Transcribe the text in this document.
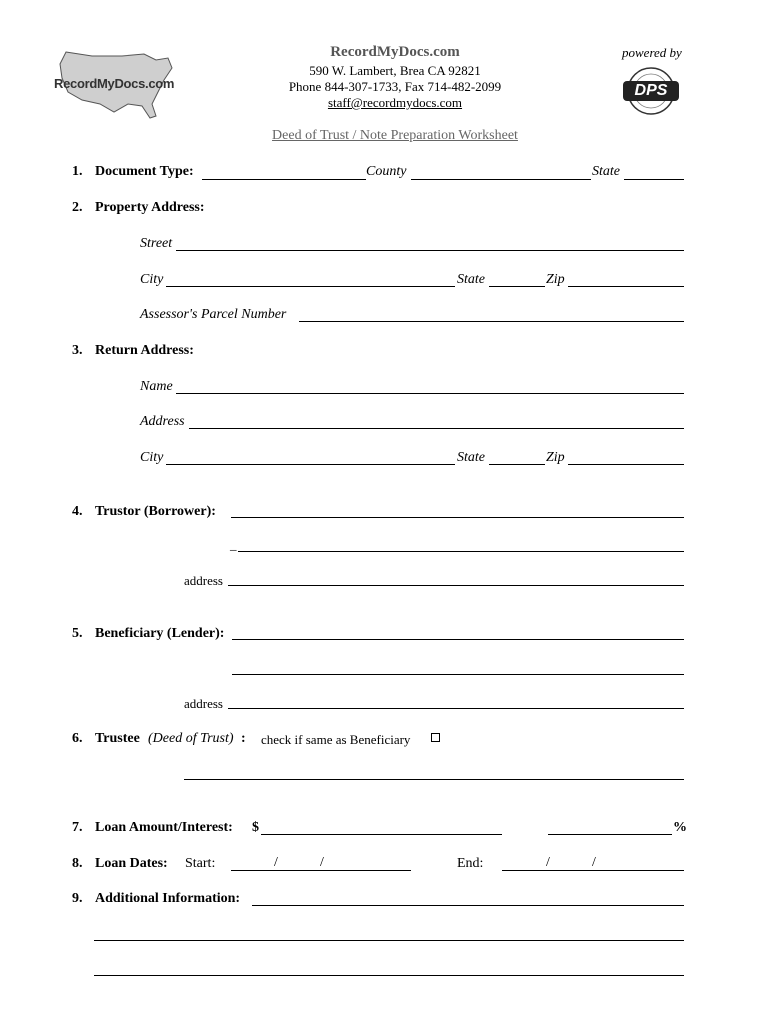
RecordMyDocs.com
RecordMyDocs.com
590 W. Lambert, Brea CA 92821
Phone 844-307-1733, Fax 714-482-2099
staff@recordmydocs.com
powered by
DPS
Deed of Trust / Note Preparation Worksheet
1. Document Type:	County	State
2. Property Address:
Street
City	State	Zip
Assessor's Parcel Number
3. Return Address:
Name
Address
City	State	Zip
4. Trustor (Borrower):
_
address
5. Beneficiary (Lender):
address
6. Trustee (Deed of Trust) : check if same as Beneficiary
7. Loan Amount/Interest: $	%
8. Loan Dates: Start:	/	/	End:	/	/
9. Additional Information:
